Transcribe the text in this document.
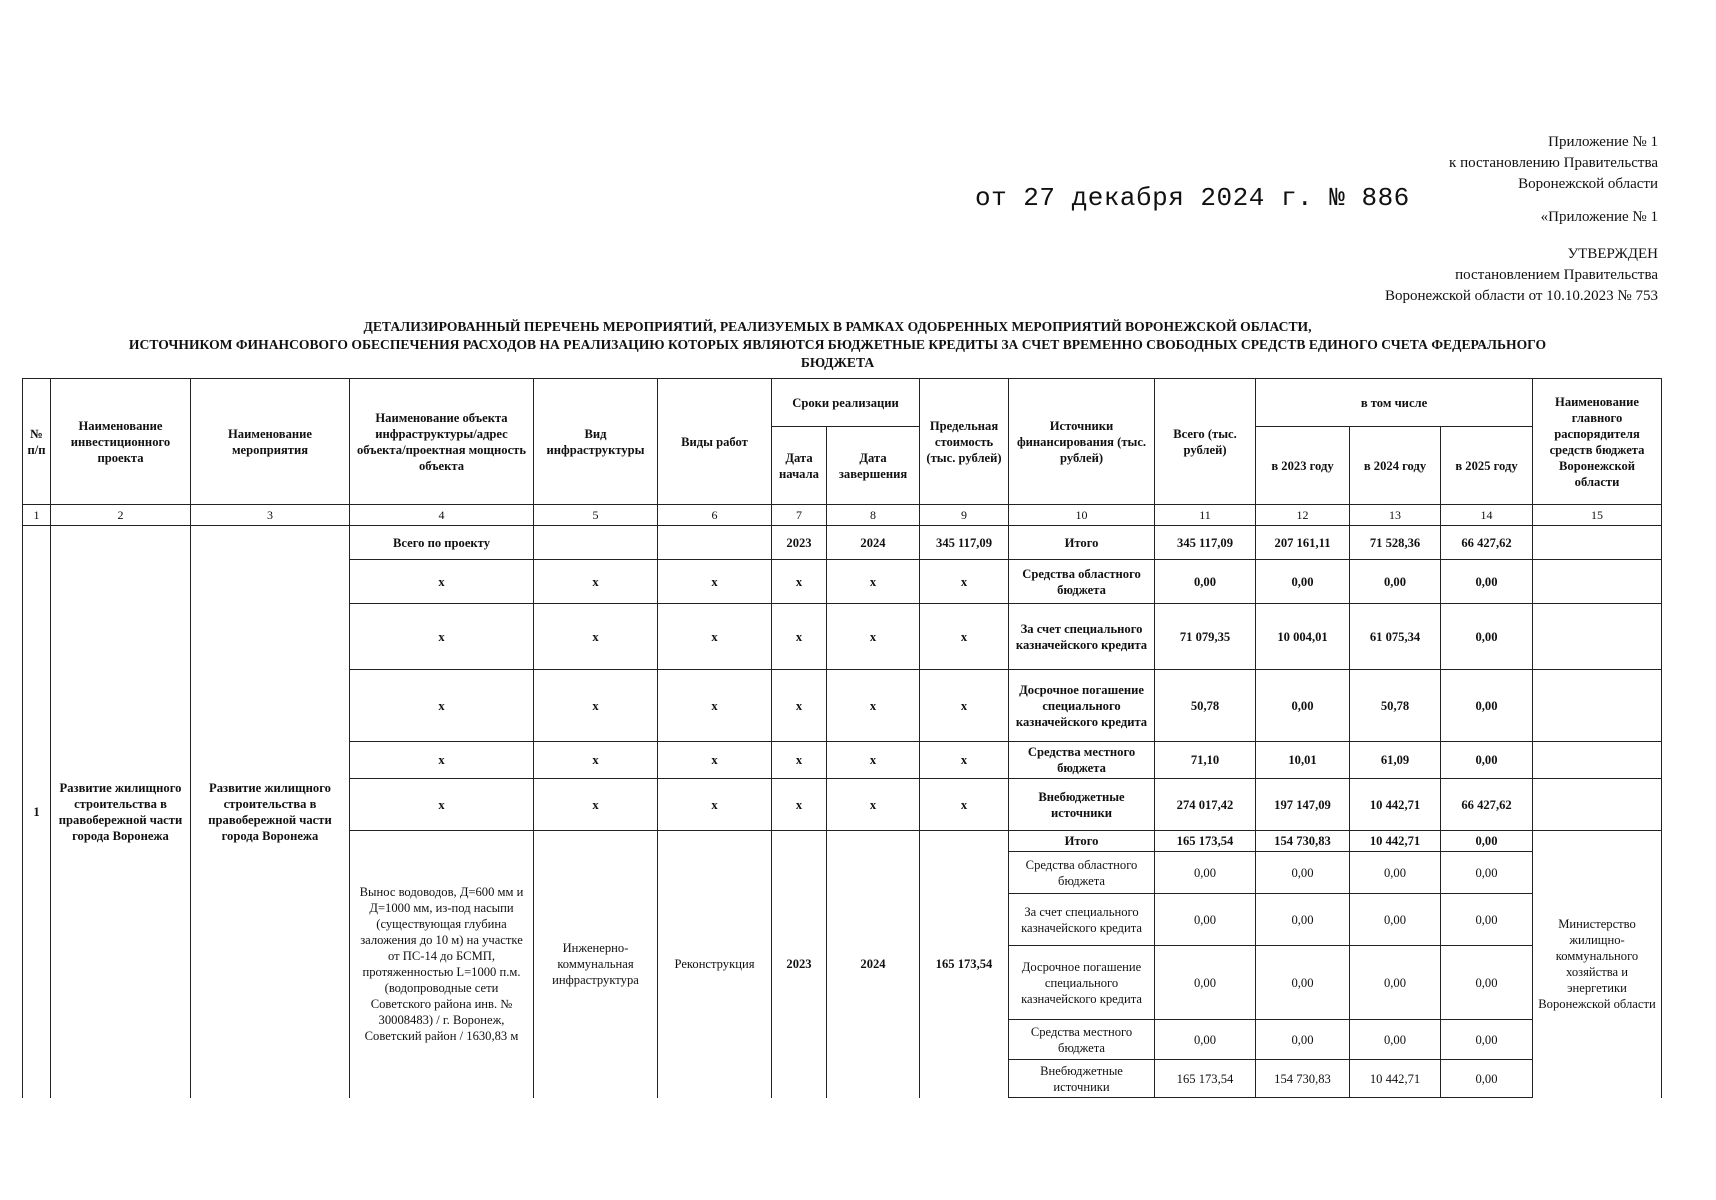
Приложение № 1
к постановлению Правительства
Воронежской области
«Приложение № 1
УТВЕРЖДЕН
постановлением Правительства
Воронежской области от 10.10.2023 № 753
от 27 декабря 2024 г. № 886
ДЕТАЛИЗИРОВАННЫЙ ПЕРЕЧЕНЬ МЕРОПРИЯТИЙ, РЕАЛИЗУЕМЫХ В РАМКАХ ОДОБРЕННЫХ МЕРОПРИЯТИЙ ВОРОНЕЖСКОЙ ОБЛАСТИ,
ИСТОЧНИКОМ ФИНАНСОВОГО ОБЕСПЕЧЕНИЯ РАСХОДОВ НА РЕАЛИЗАЦИЮ КОТОРЫХ ЯВЛЯЮТСЯ БЮДЖЕТНЫЕ КРЕДИТЫ ЗА СЧЕТ ВРЕМЕННО СВОБОДНЫХ СРЕДСТВ ЕДИНОГО СЧЕТА ФЕДЕРАЛЬНОГО
БЮДЖЕТА
№ п/п	Наименование инвестиционного проекта	Наименование мероприятия	Наименование объекта инфраструктуры/адрес объекта/проектная мощность объекта	Вид инфраструктуры	Виды работ	Сроки реализации		Предельная стоимость (тыс. рублей)	Источники финансирования (тыс. рублей)	Всего (тыс. рублей)	в том числе			Наименование главного распорядителя средств бюджета Воронежской области
						Дата начала	Дата завершения				в 2023 году	в 2024 году	в 2025 году	
1	2	3	4	5	6	7	8	9	10	11	12	13	14	15
1	Развитие жилищного строительства в правобережной части города Воронежа	Развитие жилищного строительства в правобережной части города Воронежа	Всего по проекту			2023	2024	345 117,09	Итого	345 117,09	207 161,11	71 528,36	66 427,62	
			x	x	x	x	x	x	Средства областного бюджета	0,00	0,00	0,00	0,00	
			x	x	x	x	x	x	За счет специального казначейского кредита	71 079,35	10 004,01	61 075,34	0,00	
			x	x	x	x	x	x	Досрочное погашение специального казначейского кредита	50,78	0,00	50,78	0,00	
			x	x	x	x	x	x	Средства местного бюджета	71,10	10,01	61,09	0,00	
			x	x	x	x	x	x	Внебюджетные источники	274 017,42	197 147,09	10 442,71	66 427,62	
			Вынос водоводов, Д=600 мм и Д=1000 мм, из-под насыпи (существующая глубина заложения до 10 м) на участке от ПС-14 до БСМП, протяженностью L=1000 п.м. (водопроводные сети Советского района инв. № 30008483) / г. Воронеж, Советский район / 1630,83 м	Инженерно-коммунальная инфраструктура	Реконструкция	2023	2024	165 173,54	Итого	165 173,54	154 730,83	10 442,71	0,00	Министерство жилищно-коммунального хозяйства и энергетики Воронежской области
									Средства областного бюджета	0,00	0,00	0,00	0,00	
									За счет специального казначейского кредита	0,00	0,00	0,00	0,00	
									Досрочное погашение специального казначейского кредита	0,00	0,00	0,00	0,00	
									Средства местного бюджета	0,00	0,00	0,00	0,00	
									Внебюджетные источники	165 173,54	154 730,83	10 442,71	0,00	
